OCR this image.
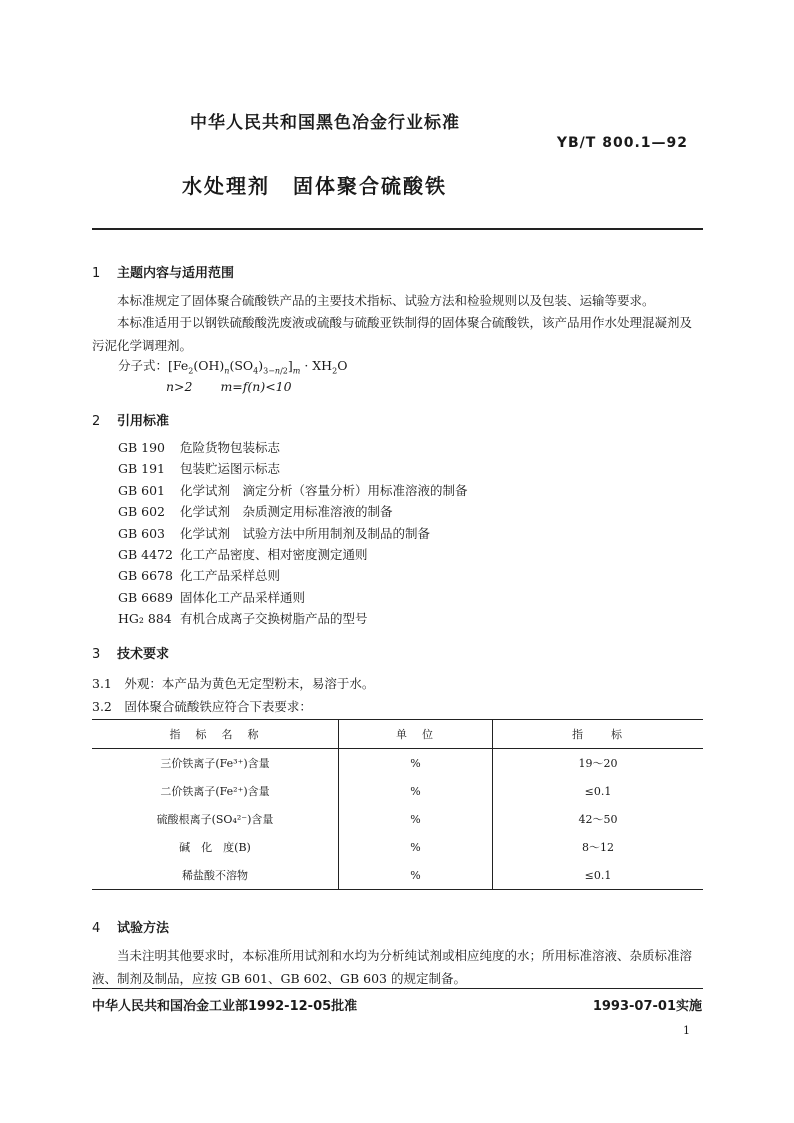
中华人民共和国黑色冶金行业标准
YB/T 800.1—92
水处理剂 固体聚合硫酸铁
1 主题内容与适用范围
本标准规定了固体聚合硫酸铁产品的主要技术指标、试验方法和检验规则以及包装、运输等要求。
本标准适用于以钢铁硫酸酸洗废液或硫酸与硫酸亚铁制得的固体聚合硫酸铁，该产品用作水处理混凝剂及污泥化学调理剂。
分子式：$[Fe_2(OH)_n(SO_4)_{3-n/2}]_m \cdot XH_2O$
n>2 m=f(n)<10
2 引用标准
GB 190 危险货物包装标志
GB 191 包装贮运图示标志
GB 601 化学试剂　滴定分析（容量分析）用标准溶液的制备
GB 602 化学试剂　杂质测定用标准溶液的制备
GB 603 化学试剂　试验方法中所用制剂及制品的制备
GB 4472 化工产品密度、相对密度测定通则
GB 6678 化工产品采样总则
GB 6689 固体化工产品采样通则
HG₂ 884 有机合成离子交换树脂产品的型号
3 技术要求
3.1　外观：本产品为黄色无定型粉末，易溶于水。
3.2　固体聚合硫酸铁应符合下表要求：
指　标　名　称	单　位	指　　标
三价铁离子(Fe³⁺)含量	%	19～20
二价铁离子(Fe²⁺)含量	%	≤0.1
硫酸根离子(SO₄²⁻)含量	%	42～50
碱　化　度(B)	%	8～12
稀盐酸不溶物	%	≤0.1
4 试验方法
当未注明其他要求时，本标准所用试剂和水均为分析纯试剂或相应纯度的水；所用标准溶液、杂质标准溶液、制剂及制品，应按 GB 601、GB 602、GB 603 的规定制备。
中华人民共和国冶金工业部1992-12-05批准	1993-07-01实施
1
